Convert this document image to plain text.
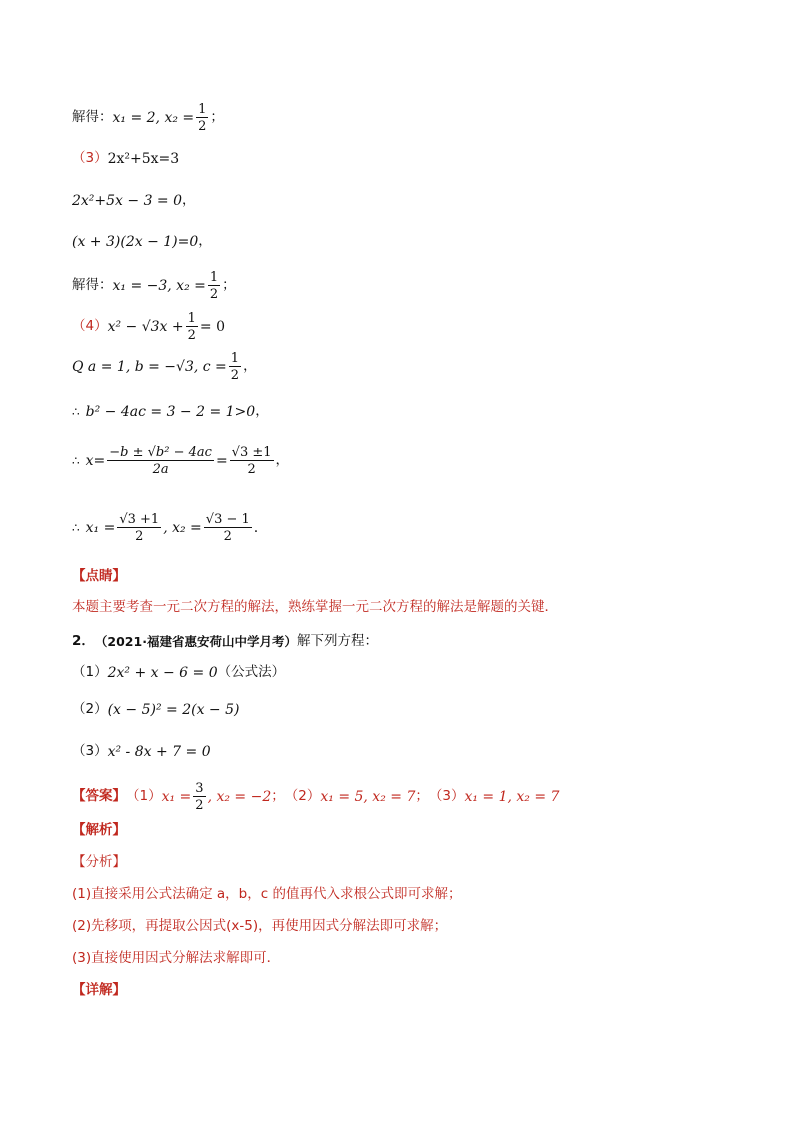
解得： x₁ = 2, $x_2 = \frac{1}{2}$ ；
（3） 2x²+5x=3
2x²+5x − 3 = 0 ，
(x + 3)(2x − 1)=0 ，
解得： x₁ = −3, $x_2 = \frac{1}{2}$ ；
（4） $x^2 - √3x + \frac{1}{2} = 0$
Q a = 1, b = −√3, $c = \frac{1}{2}$ ，
∴ b² − 4ac = 3 − 2 = 1>0 ，
∴ $x= \frac{\text{−b ± √b² − 4ac}}{2a} = \frac{√3 \pm 1}{2}$ ，
∴ $x_1 = \frac{√3 +1}{2}$ , $x_2 = \frac{√3 - 1}{2}$ .
【点睛】
本题主要考查一元二次方程的解法，熟练掌握一元二次方程的解法是解题的关键．
2． （2021·福建省惠安荷山中学月考） 解下列方程：
（1） 2x² + x − 6 = 0 （公式法）
（2） (x − 5)² = 2(x − 5)
（3） x² - 8x + 7 = 0
【答案】 （1） $x_1 = \frac{3}{2}$ , x₂ = −2 ； （2） x₁ = 5, x₂ = 7 ； （3） x₁ = 1, x₂ = 7
【解析】
【分析】
(1)直接采用公式法确定 a，b，c 的值再代入求根公式即可求解；
(2)先移项，再提取公因式(x-5)，再使用因式分解法即可求解；
(3)直接使用因式分解法求解即可．
【详解】
